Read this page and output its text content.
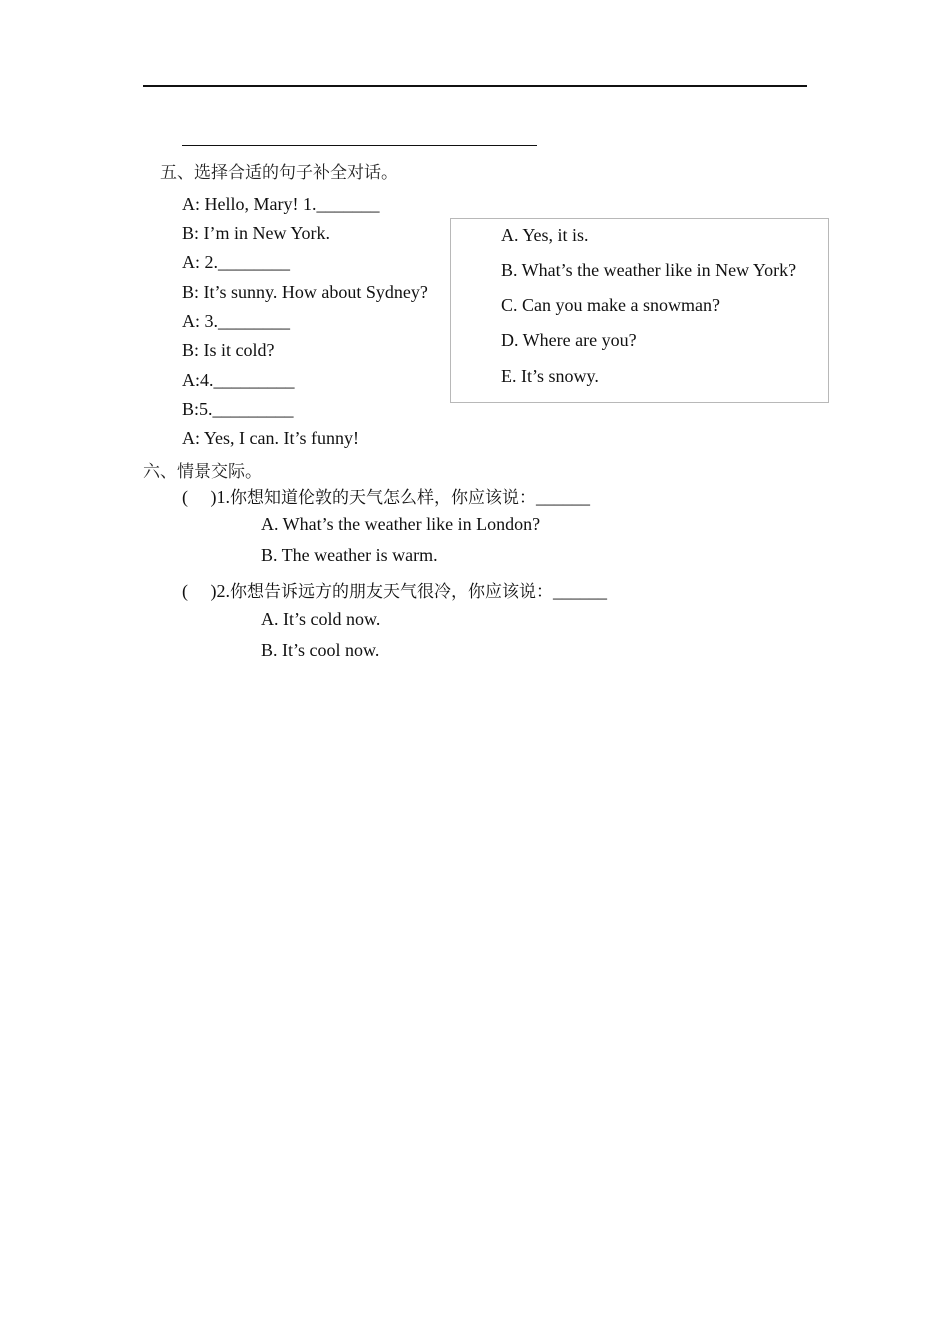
五、选择合适的句子补全对话。
A: Hello, Mary! 1._______
B: I’m in New York.
A: 2.________
B: It’s sunny. How about Sydney?
A: 3.________
B: Is it cold?
A:4._________
B:5._________
A: Yes, I can. It’s funny!
A. Yes, it is.
B. What’s the weather like in New York?
C. Can you make a snowman?
D. Where are you?
E. It’s snowy.
六、情景交际。
(     )1.你想知道伦敦的天气怎么样，你应该说：______
A. What’s the weather like in London?
B. The weather is warm.
(     )2.你想告诉远方的朋友天气很冷，你应该说：______
A. It’s cold now.
B. It’s cool now.
